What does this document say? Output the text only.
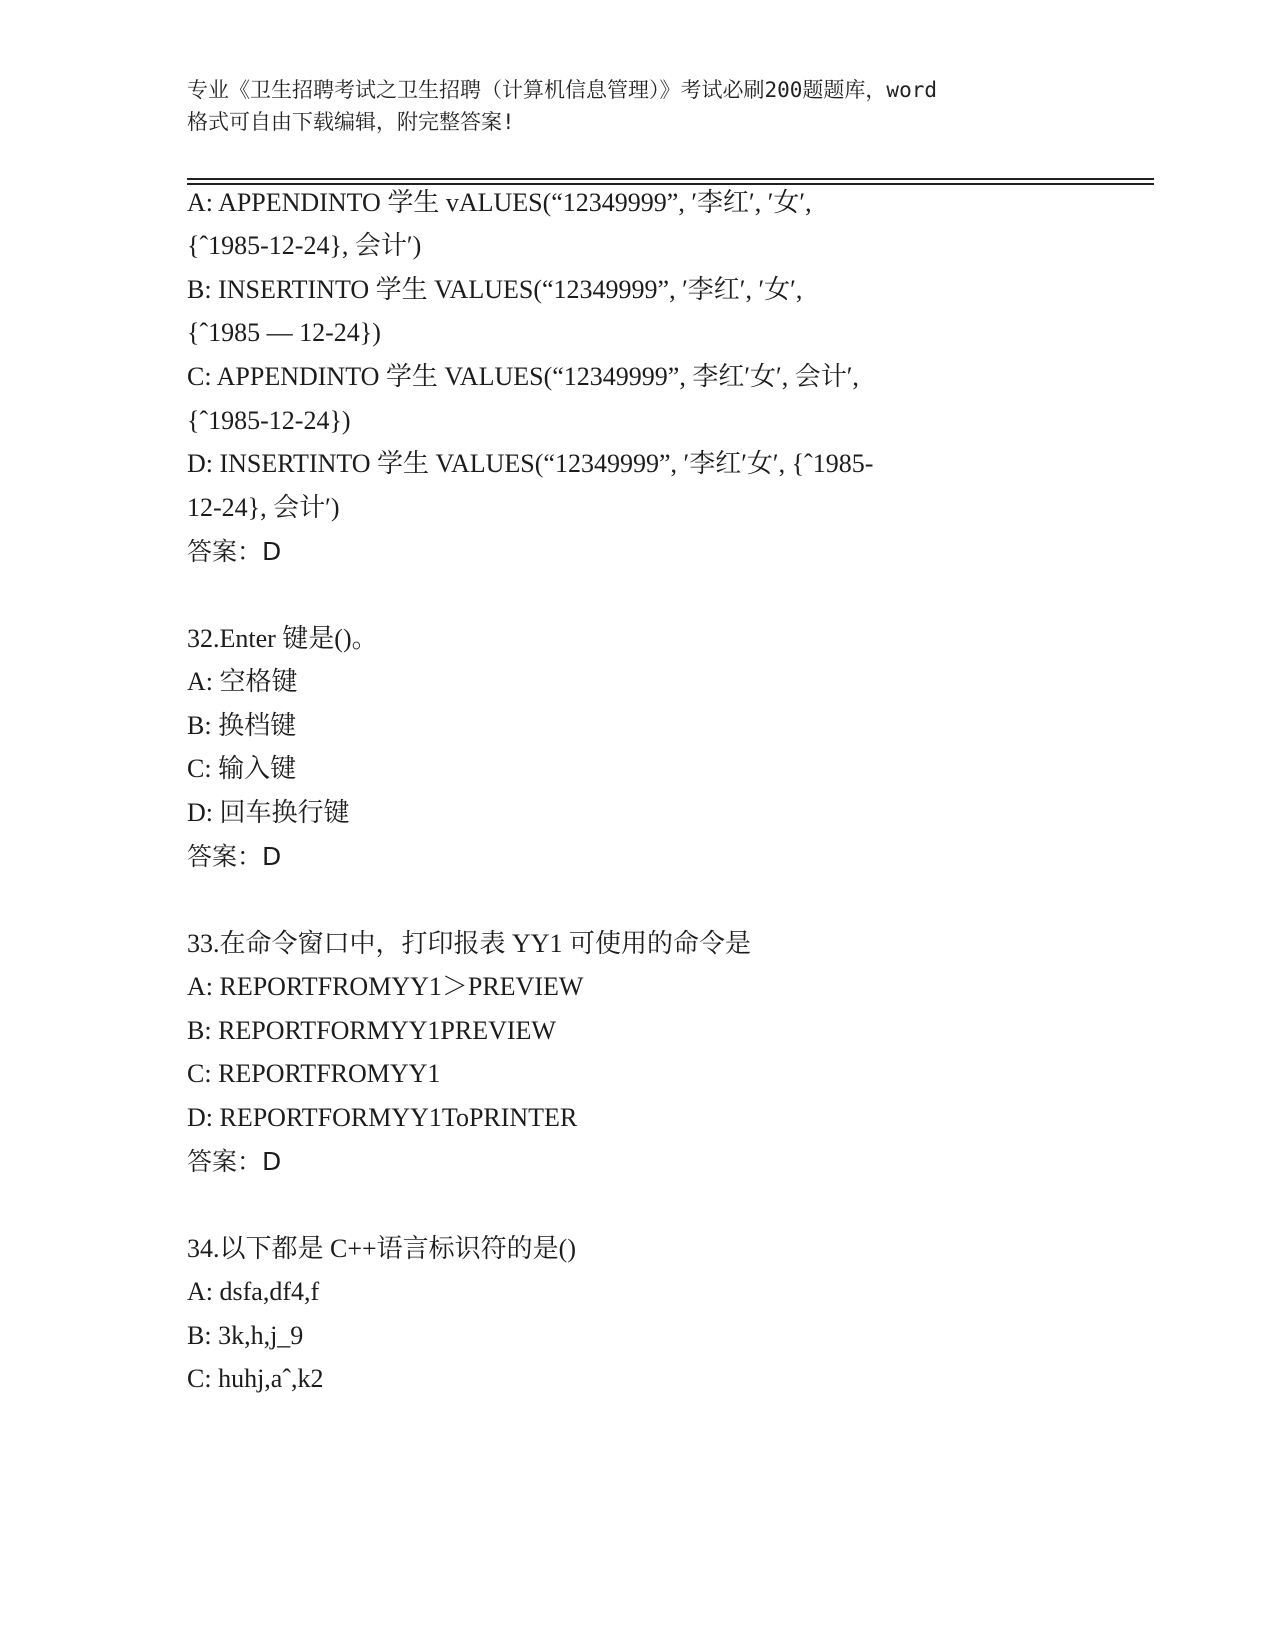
专业《卫生招聘考试之卫生招聘（计算机信息管理）》考试必刷200题题库，word
格式可自由下载编辑，附完整答案!
A: APPENDINTO 学生 vALUES(“12349999”, ′李红′, ′女′,
{ˆ1985-12-24}, 会计′)
B: INSERTINTO 学生 VALUES(“12349999”, ′李红′, ′女′,
{ˆ1985 — 12-24})
C: APPENDINTO 学生 VALUES(“12349999”, 李红′女′, 会计′,
{ˆ1985-12-24})
D: INSERTINTO 学生 VALUES(“12349999”, ′李红′女′, {ˆ1985-
12-24}, 会计′)
答案：D
32.Enter 键是()。
A: 空格键
B: 换档键
C: 输入键
D: 回车换行键
答案：D
33.在命令窗口中，打印报表 YY1 可使用的命令是
A: REPORTFROMYY1＞PREVIEW
B: REPORTFORMYY1PREVIEW
C: REPORTFROMYY1
D: REPORTFORMYY1ToPRINTER
答案：D
34.以下都是 C++语言标识符的是()
A: dsfa,df4,f
B: 3k,h,j_9
C: huhj,aˆ,k2
